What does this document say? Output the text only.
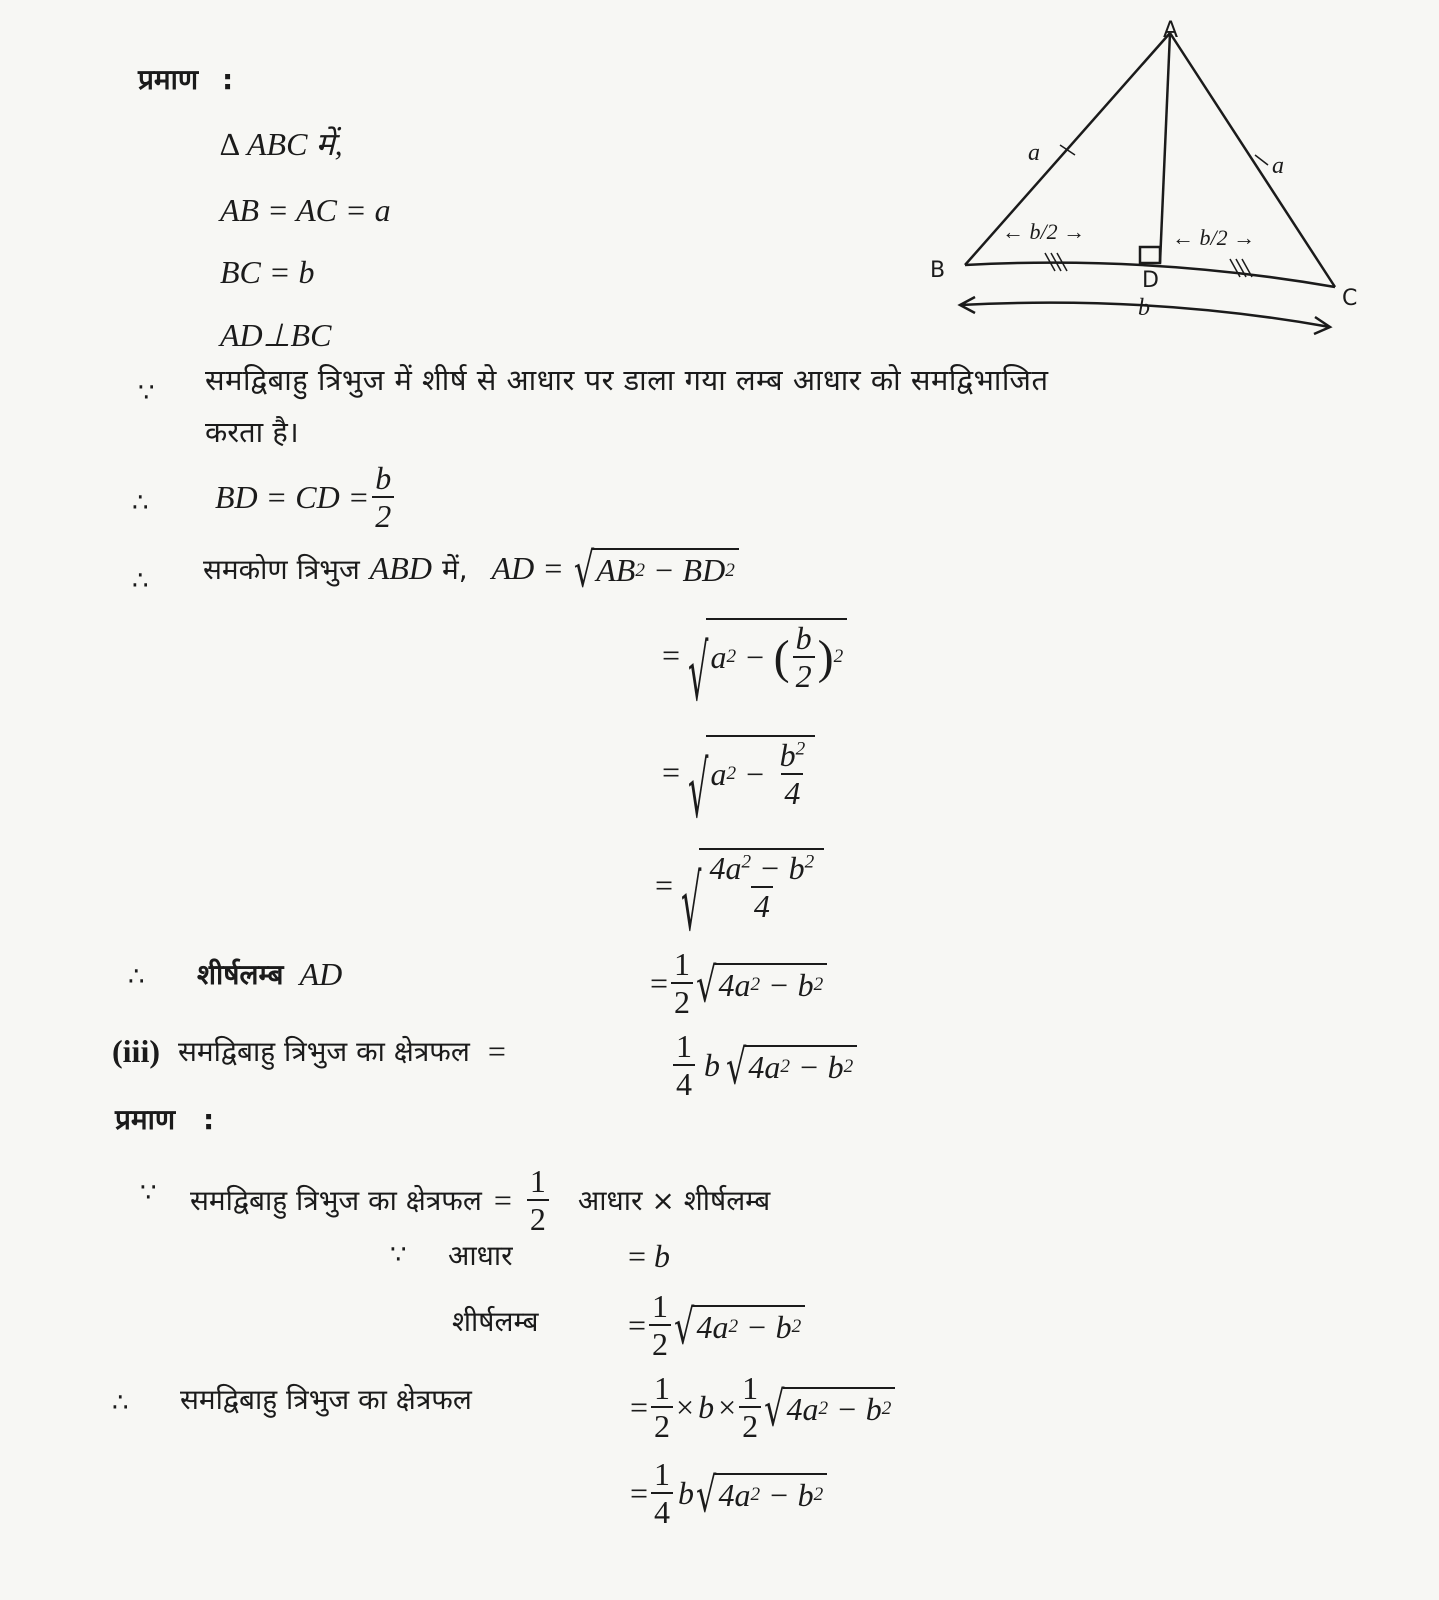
प्रमाण :
∆ ABC में,
AB = AC = a
BC = b
AD⊥BC
A
B
C
D
a	a
← b/2 →	← b/2 →
b
∵ समद्विबाहु त्रिभुज में शीर्ष से आधार पर डाला गया लम्ब आधार को समद्विभाजित
करता है।
∴ BD = CD = $\frac{b}{2}$
∴ समकोण त्रिभुज ABD में, AD = √ AB 2 − BD 2
= √ a 2 − ( $\frac{b}{2}$ ) 2
= √ a $2 - \frac{b^2}{4}$
= √ $\frac{4a^2 - b^2}{4}$
∴ शीर्षलम्ब AD	= $\frac{1}{2}$ √ 4a 2 − b 2
(iii) समद्विबाहु त्रिभुज का क्षेत्रफल =	$\frac{1}{4}$ b √ 4a 2 − b 2
प्रमाण :
∵ समद्विबाहु त्रिभुज का क्षेत्रफल = $\frac{1}{2}$ आधार × शीर्षलम्ब
∵ आधार	= b
शीर्षलम्ब	= $\frac{1}{2}$ √ 4a 2 − b 2
∴ समद्विबाहु त्रिभुज का क्षेत्रफल	= $\frac{1}{2} \times b \times \frac{1}{2}$ √ 4a 2 − b 2
= $\frac{1}{4}$ b √ 4a 2 − b 2
